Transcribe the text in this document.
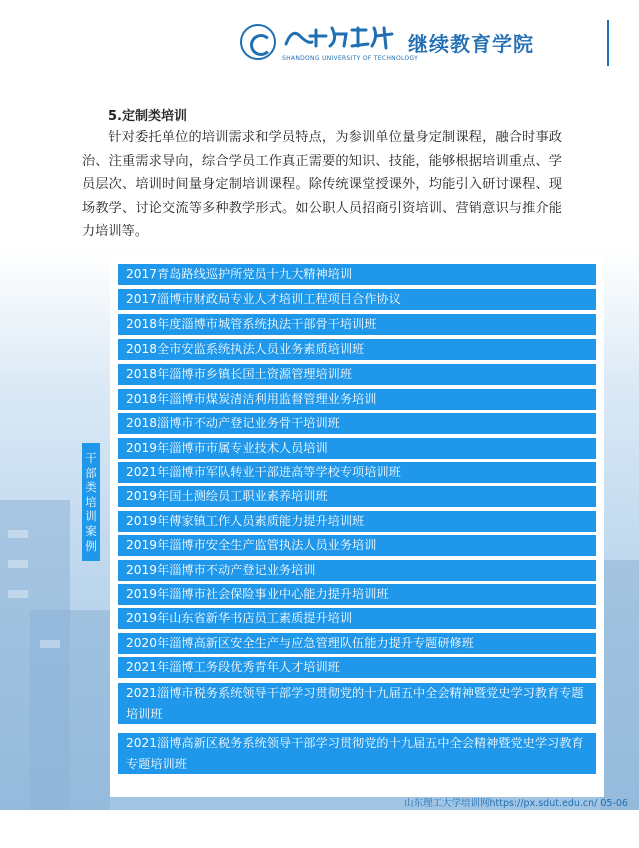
SHANDONG UNIVERSITY OF TECHNOLOGY
继续教育学院
5.定制类培训
针对委托单位的培训需求和学员特点，为参训单位量身定制课程，融合时事政治、注重需求导向，综合学员工作真正需要的知识、技能，能够根据培训重点、学员层次、培训时间量身定制培训课程。除传统课堂授课外，均能引入研讨课程、现场教学、讨论交流等多种教学形式。如公职人员招商引资培训、营销意识与推介能力培训等。
干部类培训案例
2017青岛路线巡护所党员十九大精神培训
2017淄博市财政局专业人才培训工程项目合作协议
2018年度淄博市城管系统执法干部骨干培训班
2018全市安监系统执法人员业务素质培训班
2018年淄博市乡镇长国土资源管理培训班
2018年淄博市煤炭清洁利用监督管理业务培训
2018淄博市不动产登记业务骨干培训班
2019年淄博市市属专业技术人员培训
2021年淄博市军队转业干部进高等学校专项培训班
2019年国土测绘员工职业素养培训班
2019年傅家镇工作人员素质能力提升培训班
2019年淄博市安全生产监管执法人员业务培训
2019年淄博市不动产登记业务培训
2019年淄博市社会保险事业中心能力提升培训班
2019年山东省新华书店员工素质提升培训
2020年淄博高新区安全生产与应急管理队伍能力提升专题研修班
2021年淄博工务段优秀青年人才培训班
2021淄博市税务系统领导干部学习贯彻党的十九届五中全会精神暨党史学习教育专题培训班
2021淄博高新区税务系统领导干部学习贯彻党的十九届五中全会精神暨党史学习教育专题培训班
山东理工大学培训网https://px.sdut.edu.cn/ 05-06
